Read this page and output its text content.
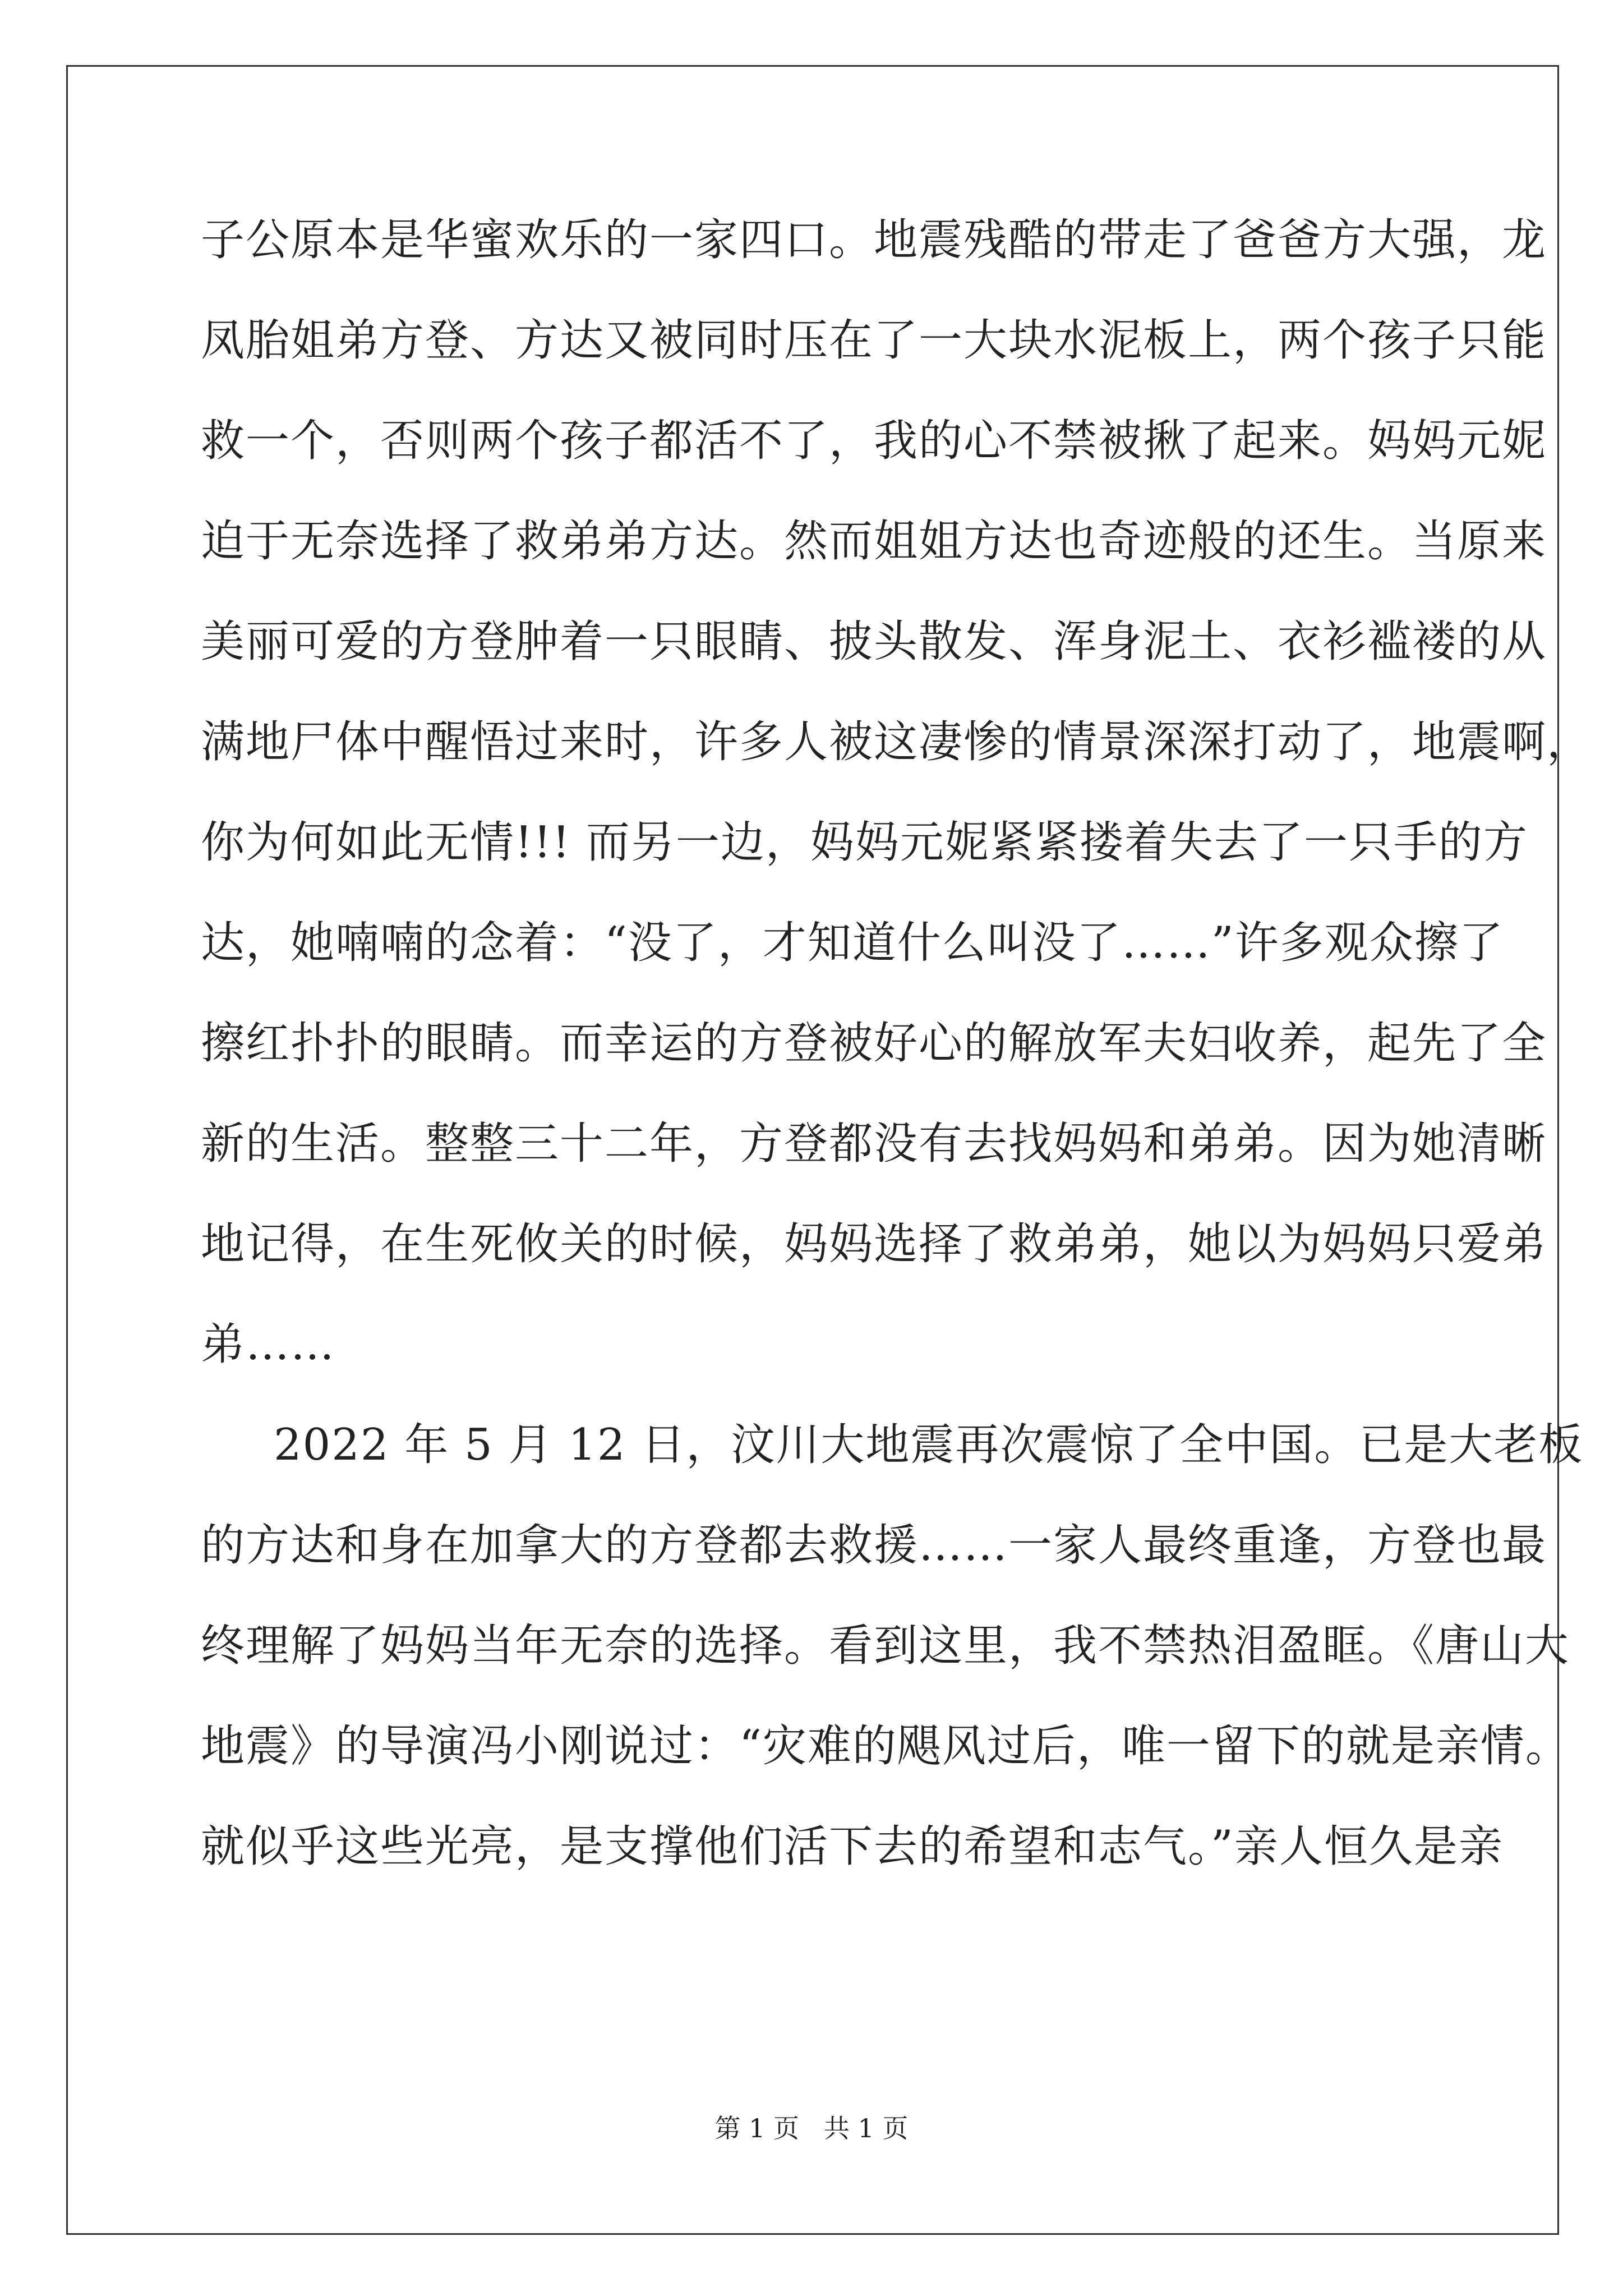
子公原本是华蜜欢乐的一家四口。地震残酷的带走了爸爸方大强，龙
凤胎姐弟方登、方达又被同时压在了一大块水泥板上，两个孩子只能
救一个，否则两个孩子都活不了，我的心不禁被揪了起来。妈妈元妮
迫于无奈选择了救弟弟方达。然而姐姐方达也奇迹般的还生。当原来
美丽可爱的方登肿着一只眼睛、披头散发、浑身泥土、衣衫褴褛的从
满地尸体中醒悟过来时，许多人被这凄惨的情景深深打动了，地震啊，
你为何如此无情!!! 而另一边，妈妈元妮紧紧搂着失去了一只手的方
达，她喃喃的念着：“没了，才知道什么叫没了……”许多观众擦了
擦红扑扑的眼睛。而幸运的方登被好心的解放军夫妇收养，起先了全
新的生活。整整三十二年，方登都没有去找妈妈和弟弟。因为她清晰
地记得，在生死攸关的时候，妈妈选择了救弟弟，她以为妈妈只爱弟
弟……
2022 年 5 月 12 日，汶川大地震再次震惊了全中国。已是大老板
的方达和身在加拿大的方登都去救援……一家人最终重逢，方登也最
终理解了妈妈当年无奈的选择。看到这里，我不禁热泪盈眶。《唐山大
地震》的导演冯小刚说过：“灾难的飓风过后，唯一留下的就是亲情。
就似乎这些光亮，是支撑他们活下去的希望和志气。”亲人恒久是亲
第 1 页   共 1 页
